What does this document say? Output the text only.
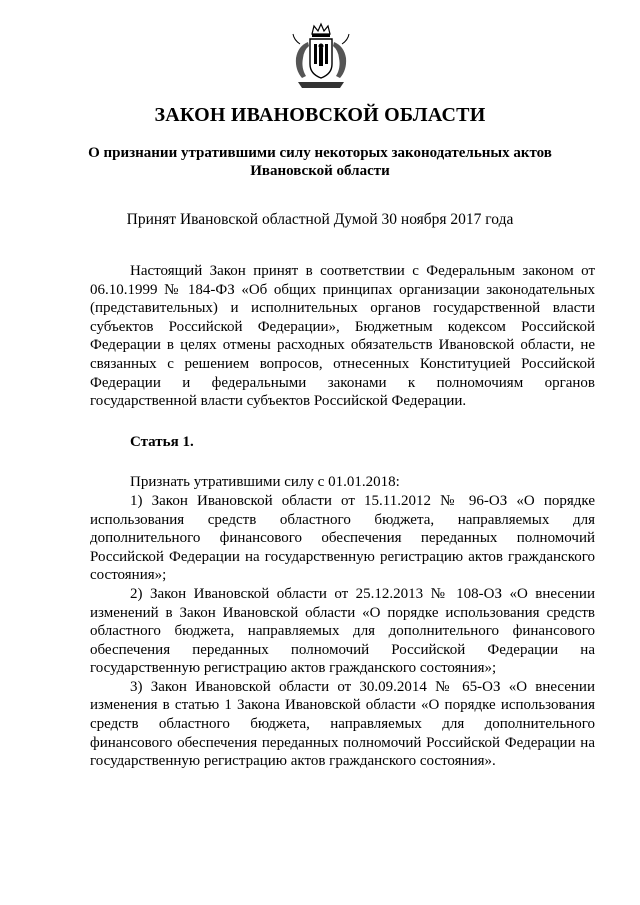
ЗАКОН ИВАНОВСКОЙ ОБЛАСТИ
О признании утратившими силу некоторых законодательных актов
Ивановской области
Принят Ивановской областной Думой 30 ноября 2017 года

Настоящий Закон принят в соответствии с Федеральным законом от 06.10.1999 № 184-ФЗ «Об общих принципах организации законодательных (представительных) и исполнительных органов государственной власти субъектов Российской Федерации», Бюджетным кодексом Российской Федерации в целях отмены расходных обязательств Ивановской области, не связанных с решением вопросов, отнесенных Конституцией Российской Федерации и федеральными законами к полномочиям органов государственной власти субъектов Российской Федерации.

Статья 1.

Признать утратившими силу с 01.01.2018:

1) Закон Ивановской области от 15.11.2012 № 96-ОЗ «О порядке использования средств областного бюджета, направляемых для дополнительного финансового обеспечения переданных полномочий Российской Федерации на государственную регистрацию актов гражданского состояния»;

2) Закон Ивановской области от 25.12.2013 № 108-ОЗ «О внесении изменений в Закон Ивановской области «О порядке использования средств областного бюджета, направляемых для дополнительного финансового обеспечения переданных полномочий Российской Федерации на государственную регистрацию актов гражданского состояния»;

3) Закон Ивановской области от 30.09.2014 № 65-ОЗ «О внесении изменения в статью 1 Закона Ивановской области «О порядке использования средств областного бюджета, направляемых для дополнительного финансового обеспечения переданных полномочий Российской Федерации на государственную регистрацию актов гражданского состояния».
